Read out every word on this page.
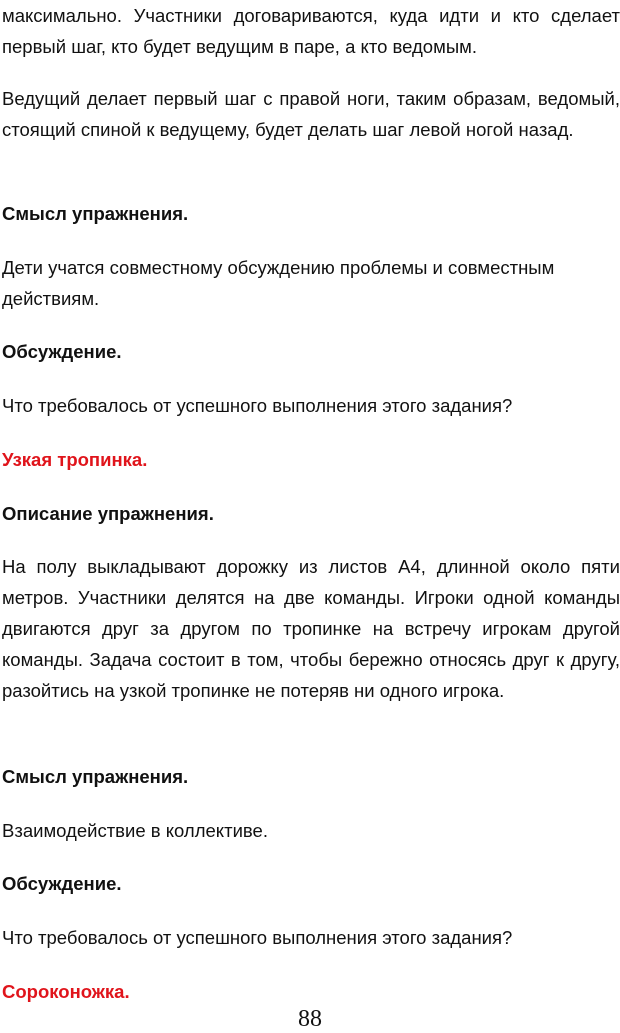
максимально. Участники договариваются, куда идти и кто сделает первый шаг, кто будет ведущим в паре, а кто ведомым.

Ведущий делает первый шаг с правой ноги, таким образам, ведомый, стоящий спиной к ведущему, будет делать шаг левой ногой назад.

Смысл упражнения.

Дети учатся совместному обсуждению проблемы и совместным действиям.

Обсуждение.

Что требовалось от успешного выполнения этого задания?

Узкая тропинка.

Описание упражнения.

На полу выкладывают дорожку из листов А4, длинной около пяти метров. Участники делятся на две команды. Игроки одной команды двигаются друг за другом по тропинке на встречу игрокам другой команды. Задача состоит в том, чтобы бережно относясь друг к другу, разойтись на узкой тропинке не потеряв ни одного игрока.

Смысл упражнения.

Взаимодействие в коллективе.

Обсуждение.

Что требовалось от успешного выполнения этого задания?

Сороконожка.

88
